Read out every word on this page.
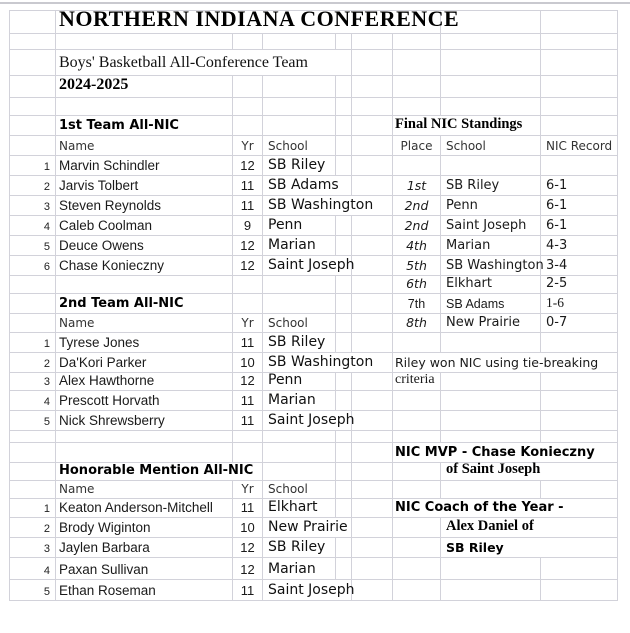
NORTHERN INDIANA CONFERENCE
Boys' Basketball All-Conference Team
2024-2025
1st Team All-NIC
Name	Yr	School
1 Marvin Schindler	12 SB Riley
2 Jarvis Tolbert	11 SB Adams
3 Steven Reynolds	11 SB Washington
4 Caleb Coolman	9	Penn
5 Deuce Owens	12 Marian
6 Chase Konieczny	12 Saint Joseph
2nd Team All-NIC
Name	Yr	School
1 Tyrese Jones	11 SB Riley
2 Da'Kori Parker	10 SB Washington
3 Alex Hawthorne	12 Penn
4 Prescott Horvath	11 Marian
5 Nick Shrewsberry	11 Saint Joseph
Honorable Mention All-NIC
Name	Yr	School
1 Keaton Anderson-Mitchell	11 Elkhart
2 Brody Wiginton	10 New Prairie
3 Jaylen Barbara	12 SB Riley
4 Paxan Sullivan	12 Marian
5 Ethan Roseman	11 Saint Joseph
Final NIC Standings
Place	School	NIC Record
1st	SB Riley	6-1
2nd	Penn	6-1
2nd	Saint Joseph	6-1
4th	Marian	4-3
5th	SB Washington 3-4
6th	Elkhart	2-5
7th	SB Adams	1-6
8th	New Prairie	0-7
Riley won NIC using tie-breaking
criteria
NIC MVP - Chase Konieczny
of Saint Joseph
NIC Coach of the Year -
Alex Daniel of
SB Riley
